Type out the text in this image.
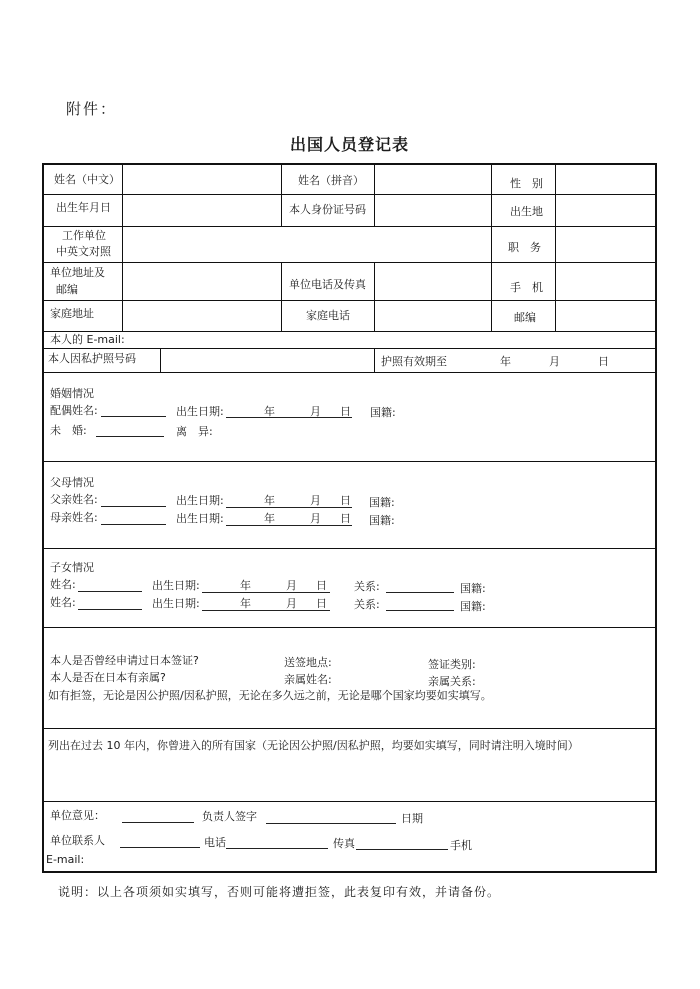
附件：
出国人员登记表
姓名（中文）	姓名（拼音）	性　别
出生年月日	本人身份证号码	出生地
工作单位
中英文对照	职　务
单位地址及
邮编	单位电话及传真	手　机
家庭地址	家庭电话	邮编
本人的 E-mail:
本人因私护照号码	护照有效期至	年	月	日
婚姻情况
配偶姓名:	出生日期:	年	月 日 国籍:
未　婚:	离　异:
父母情况
父亲姓名:	出生日期:	年	月 日 国籍:
母亲姓名:	出生日期:	年	月 日 国籍:
子女情况
姓名:	出生日期:	年	月 日 关系:	国籍:
姓名:	出生日期:	年	月 日 关系:	国籍:
本人是否曾经申请过日本签证?	送签地点:	签证类别:
本人是否在日本有亲属?	亲属姓名:	亲属关系:
如有拒签，无论是因公护照/因私护照，无论在多久远之前，无论是哪个国家均要如实填写。
列出在过去 10 年内，你曾进入的所有国家（无论因公护照/因私护照，均要如实填写，同时请注明入境时间）
单位意见：	负责人签字	日期
单位联系人	电话	传真	手机
E-mail:
说明：以上各项须如实填写，否则可能将遭拒签，此表复印有效，并请备份。
